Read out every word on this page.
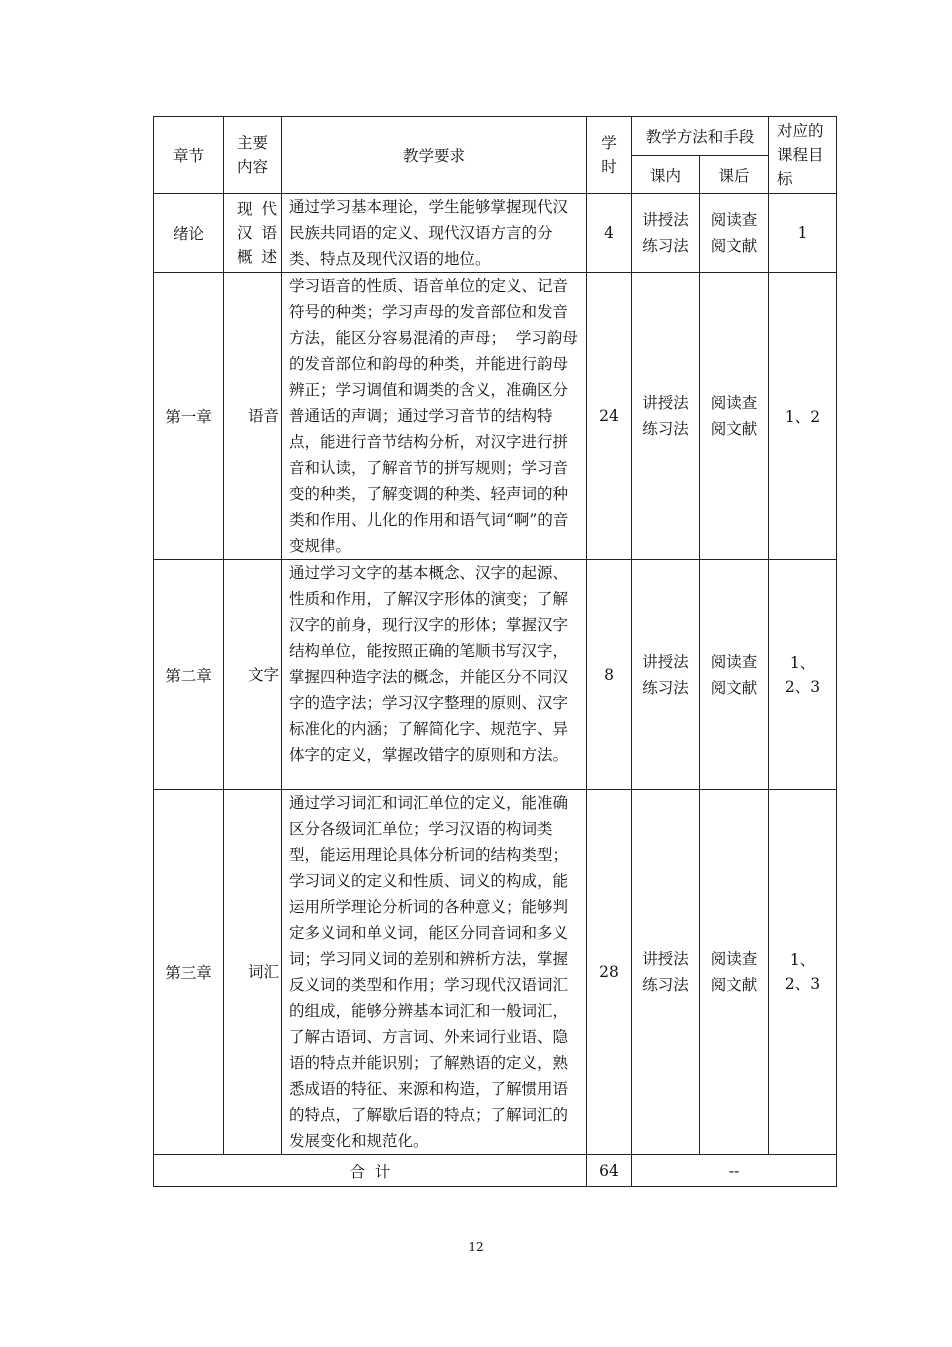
章节	主要内容	教学要求	学时	教学方法和手段		对应的课程目标
				课内	课后	
绪论	现代汉语概述	通过学习基本理论，学生能够掌握现代汉民族共同语的定义、现代汉语方言的分类、特点及现代汉语的地位。	4	讲授法练习法	阅读查阅文献	1
第一章	语音	学习语音的性质、语音单位的定义、记音符号的种类；学习声母的发音部位和发音方法，能区分容易混淆的声母；  学习韵母的发音部位和韵母的种类，并能进行韵母辨正；学习调值和调类的含义，准确区分普通话的声调；通过学习音节的结构特点，能进行音节结构分析，对汉字进行拼音和认读，了解音节的拼写规则；学习音变的种类，了解变调的种类、轻声词的种类和作用、儿化的作用和语气词“啊”的音变规律。	24	讲授法练习法	阅读查阅文献	1、2
第二章	文字	通过学习文字的基本概念、汉字的起源、性质和作用，了解汉字形体的演变；了解汉字的前身，现行汉字的形体；掌握汉字结构单位，能按照正确的笔顺书写汉字，掌握四种造字法的概念，并能区分不同汉字的造字法；学习汉字整理的原则、汉字标准化的内涵；了解简化字、规范字、异体字的定义，掌握改错字的原则和方法。	8	讲授法练习法	阅读查阅文献	1、2、3
第三章	词汇	通过学习词汇和词汇单位的定义，能准确区分各级词汇单位；学习汉语的构词类型，能运用理论具体分析词的结构类型；学习词义的定义和性质、词义的构成，能运用所学理论分析词的各种意义；能够判定多义词和单义词，能区分同音词和多义词；学习同义词的差别和辨析方法，掌握反义词的类型和作用；学习现代汉语词汇的组成，能够分辨基本词汇和一般词汇，了解古语词、方言词、外来词行业语、隐语的特点并能识别；了解熟语的定义，熟悉成语的特征、来源和构造，了解惯用语的特点，了解歇后语的特点；了解词汇的发展变化和规范化。	28	讲授法练习法	阅读查阅文献	1、2、3
合  计			64	--		
12
